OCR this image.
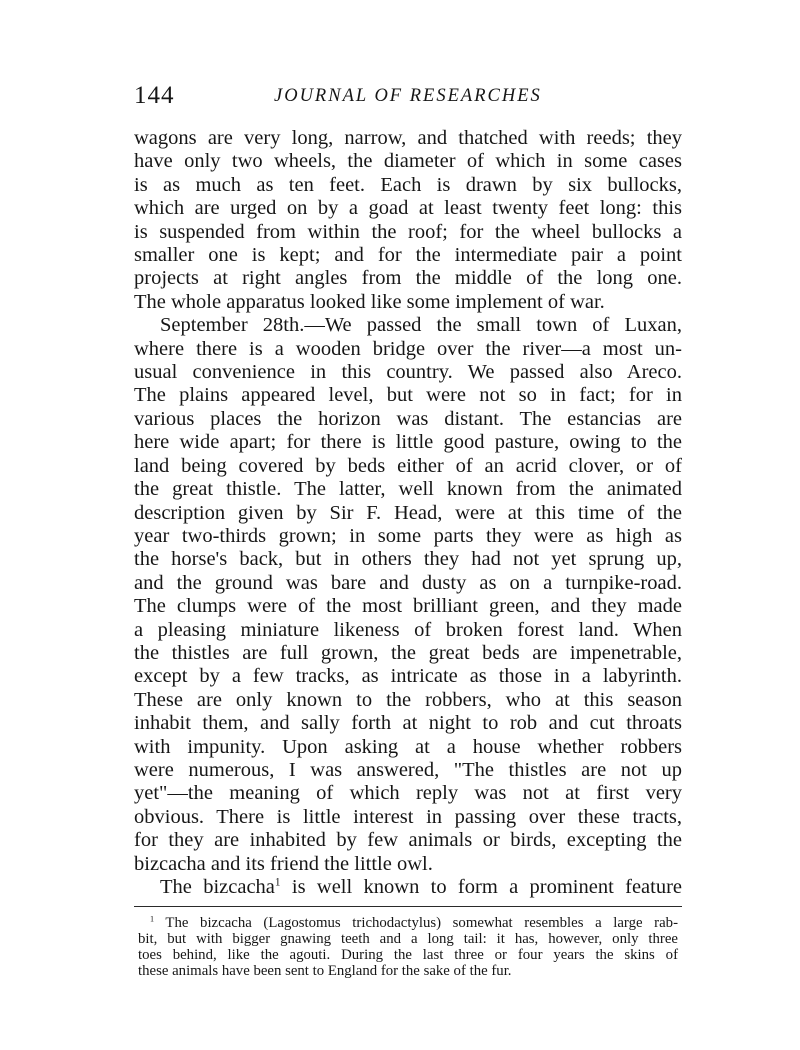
144	JOURNAL OF RESEARCHES
wagons are very long, narrow, and thatched with reeds; they
have only two wheels, the diameter of which in some cases
is as much as ten feet. Each is drawn by six bullocks,
which are urged on by a goad at least twenty feet long: this
is suspended from within the roof; for the wheel bullocks a
smaller one is kept; and for the intermediate pair a point
projects at right angles from the middle of the long one.
The whole apparatus looked like some implement of war.
September 28th.—We passed the small town of Luxan,
where there is a wooden bridge over the river—a most un-
usual convenience in this country. We passed also Areco.
The plains appeared level, but were not so in fact; for in
various places the horizon was distant. The estancias are
here wide apart; for there is little good pasture, owing to the
land being covered by beds either of an acrid clover, or of
the great thistle. The latter, well known from the animated
description given by Sir F. Head, were at this time of the
year two-thirds grown; in some parts they were as high as
the horse's back, but in others they had not yet sprung up,
and the ground was bare and dusty as on a turnpike-road.
The clumps were of the most brilliant green, and they made
a pleasing miniature likeness of broken forest land. When
the thistles are full grown, the great beds are impenetrable,
except by a few tracks, as intricate as those in a labyrinth.
These are only known to the robbers, who at this season
inhabit them, and sally forth at night to rob and cut throats
with impunity. Upon asking at a house whether robbers
were numerous, I was answered, "The thistles are not up
yet"—the meaning of which reply was not at first very
obvious. There is little interest in passing over these tracts,
for they are inhabited by few animals or birds, excepting the
bizcacha and its friend the little owl.
The bizcacha$^1$ is well known to form a prominent feature
$^1$ The bizcacha (Lagostomus trichodactylus) somewhat resembles a large rab-
bit, but with bigger gnawing teeth and a long tail: it has, however, only three
toes behind, like the agouti. During the last three or four years the skins of
these animals have been sent to England for the sake of the fur.
